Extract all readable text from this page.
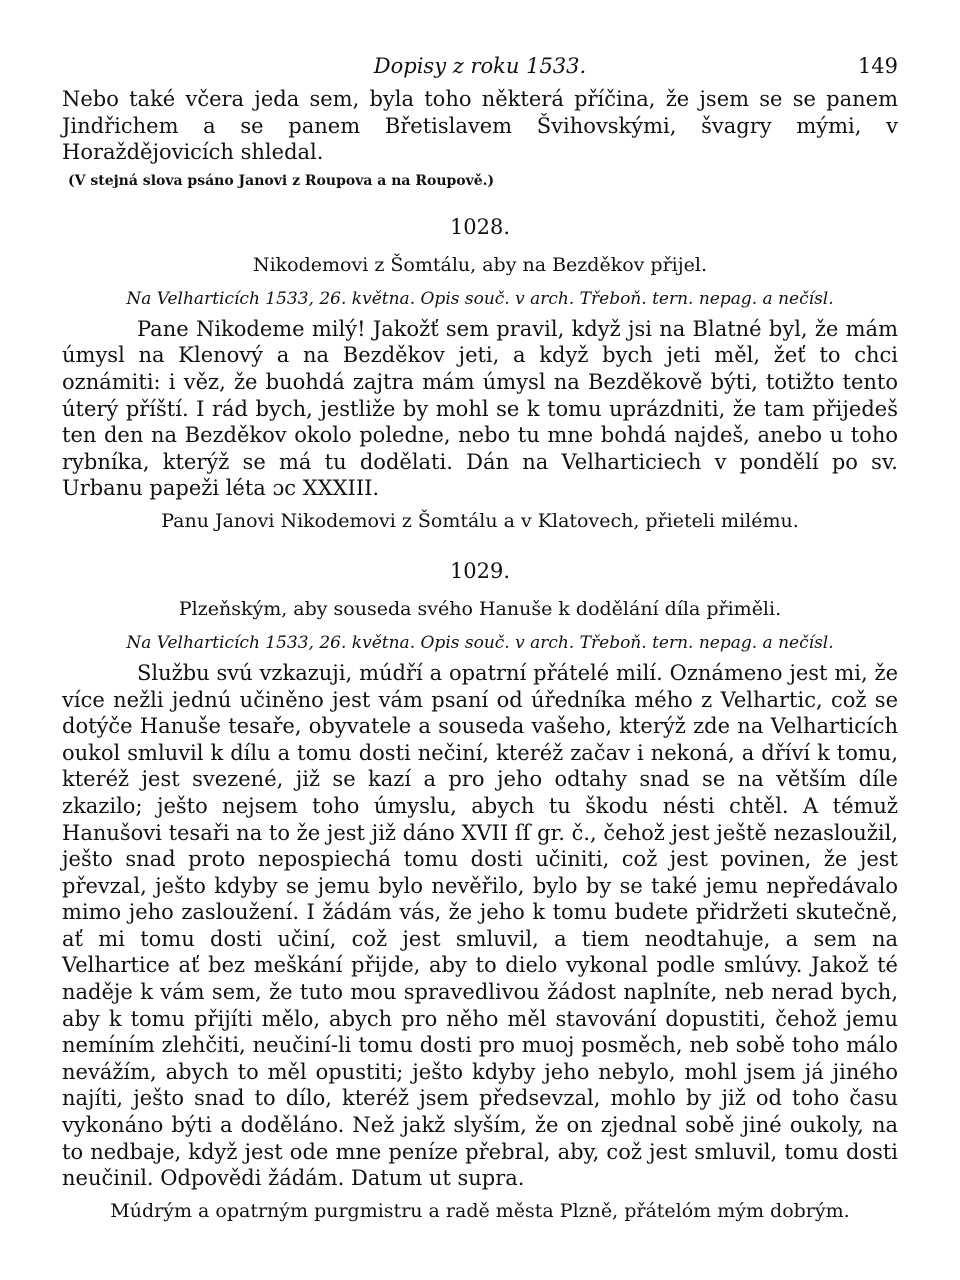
Dopisy z roku 1533.	149

Nebo také včera jeda sem, byla toho některá příčina, že jsem se se panem Jindřichem a se panem Břetislavem Švihovskými, švagry mými, v Horaždějovicích shledal.

(V stejná slova psáno Janovi z Roupova a na Roupově.)

1028.

Nikodemovi z Šomtálu, aby na Bezděkov přijel.

Na Velharticích 1533, 26. května. Opis souč. v arch. Třeboň. tern. nepag. a nečísl.

Pane Nikodeme milý! Jakožť sem pravil, když jsi na Blatné byl, že mám úmysl na Klenový a na Bezděkov jeti, a když bych jeti měl, žeť to chci oznámiti: i věz, že buohdá zajtra mám úmysl na Bezděkově býti, totižto tento úterý příští. I rád bych, jestliže by mohl se k tomu uprázdniti, že tam přijedeš ten den na Bezděkov okolo poledne, nebo tu mne bohdá najdeš, anebo u toho rybníka, kterýž se má tu dodělati. Dán na Velharticiech v pondělí po sv. Urbanu papeži léta ɔc XXXIII.

Panu Janovi Nikodemovi z Šomtálu a v Klatovech, přieteli milému.

1029.

Plzeňským, aby souseda svého Hanuše k dodělání díla přiměli.

Na Velharticích 1533, 26. května. Opis souč. v arch. Třeboň. tern. nepag. a nečísl.

Službu svú vzkazuji, múdří a opatrní přátelé milí. Oznámeno jest mi, že více nežli jednú učiněno jest vám psaní od úředníka mého z Velhartic, což se dotýče Hanuše tesaře, obyvatele a souseda vašeho, kterýž zde na Velharticích oukol smluvil k dílu a tomu dosti nečiní, kteréž začav i nekoná, a dříví k tomu, kteréž jest svezené, již se kazí a pro jeho odtahy snad se na větším díle zkazilo; ješto nejsem toho úmyslu, abych tu škodu nésti chtěl. A témuž Hanušovi tesaři na to že jest již dáno XVII ſſ gr. č., čehož jest ještě nezasloužil, ješto snad proto nepospiechá tomu dosti učiniti, což jest povinen, že jest převzal, ješto kdyby se jemu bylo nevěřilo, bylo by se také jemu nepředávalo mimo jeho zasloužení. I žádám vás, že jeho k tomu budete přidržeti skutečně, ať mi tomu dosti učiní, což jest smluvil, a tiem neodtahuje, a sem na Velhartice ať bez meškání přijde, aby to dielo vykonal podle smlúvy. Jakož té naděje k vám sem, že tuto mou spravedlivou žádost naplníte, neb nerad bych, aby k tomu přijíti mělo, abych pro něho měl stavování dopustiti, čehož jemu nemíním zlehčiti, neučiní-li tomu dosti pro muoj posměch, neb sobě toho málo nevážím, abych to měl opustiti; ješto kdyby jeho nebylo, mohl jsem já jiného najíti, ješto snad to dílo, kteréž jsem předsevzal, mohlo by již od toho času vykonáno býti a doděláno. Než jakž slyším, že on zjednal sobě jiné oukoly, na to nedbaje, když jest ode mne peníze přebral, aby, což jest smluvil, tomu dosti neučinil. Odpovědi žádám. Datum ut supra.

Múdrým a opatrným purgmistru a radě města Plzně, přátelóm mým dobrým.
